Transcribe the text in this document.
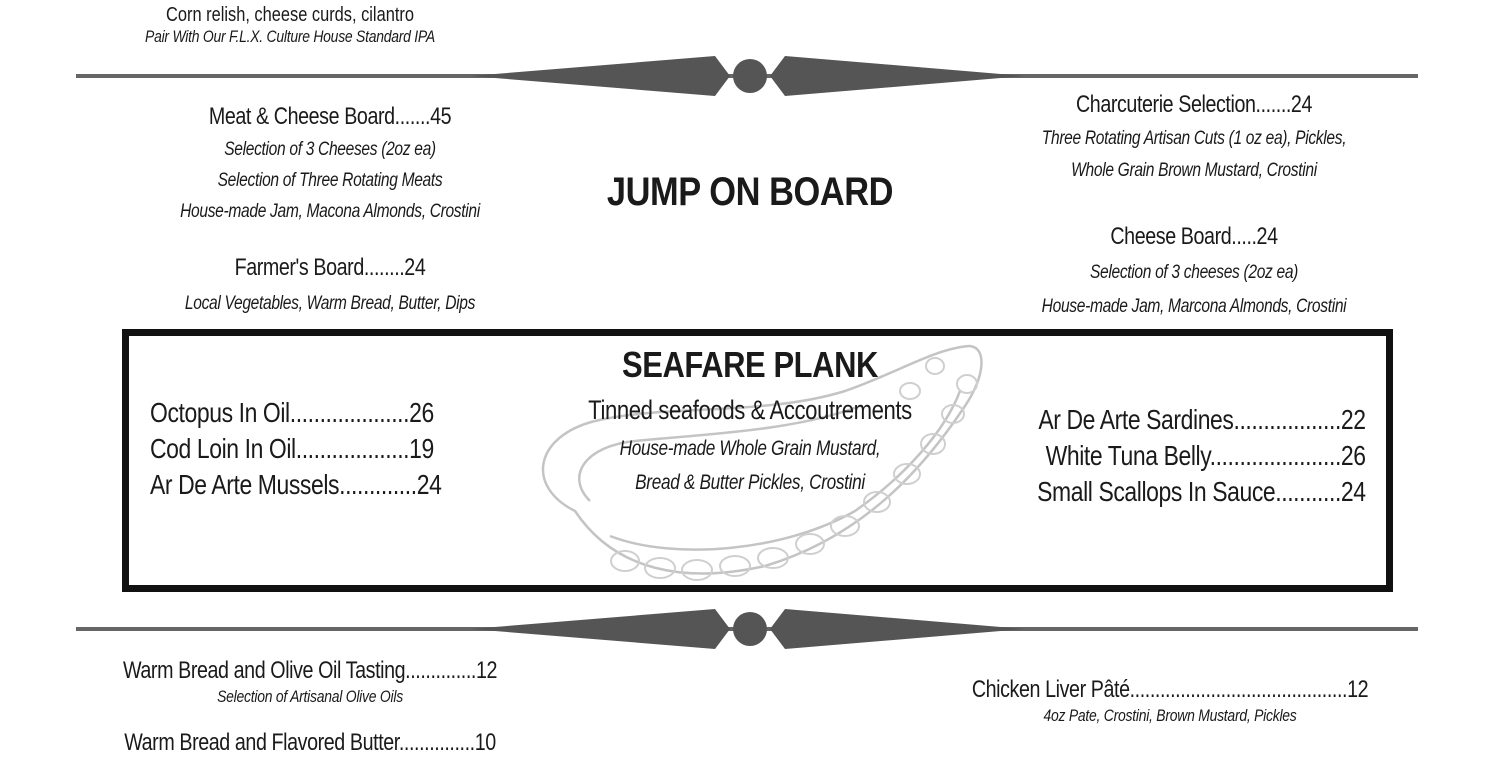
Corn relish, cheese curds, cilantro
Pair With Our F.L.X. Culture House Standard IPA
JUMP ON BOARD
Meat & Cheese Board.......45
Selection of 3 Cheeses (2oz ea)
Selection of Three Rotating Meats
House-made Jam, Macona Almonds, Crostini
Farmer's Board........24
Local Vegetables, Warm Bread, Butter, Dips
Charcuterie Selection.......24
Three Rotating Artisan Cuts (1 oz ea), Pickles,
Whole Grain Brown Mustard, Crostini
Cheese Board.....24
Selection of 3 cheeses (2oz ea)
House-made Jam, Marcona Almonds, Crostini
SEAFARE PLANK
Tinned seafoods & Accoutrements
House-made Whole Grain Mustard,
Bread & Butter Pickles, Crostini
Octopus In Oil....................26
Cod Loin In Oil...................19
Ar De Arte Mussels.............24
Ar De Arte Sardines..................22
White Tuna Belly......................26
Small Scallops In Sauce...........24
Warm Bread and Olive Oil Tasting..............12
Selection of Artisanal Olive Oils
Warm Bread and Flavored Butter...............10
Chicken Liver Pâté...........................................12
4oz Pate, Crostini, Brown Mustard, Pickles
